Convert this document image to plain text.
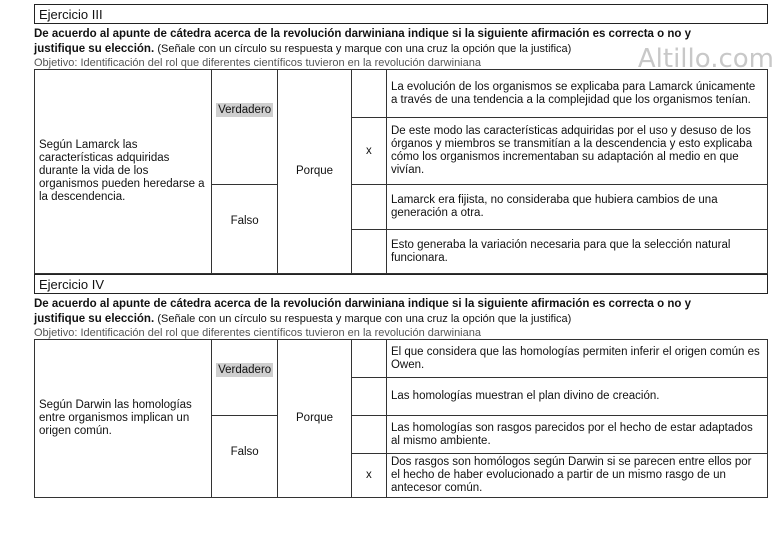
Altillo.com
Ejercicio III
De acuerdo al apunte de cátedra acerca de la revolución darwiniana indique si la siguiente afirmación es correcta o no y
justifique su elección. (Señale con un círculo su respuesta y marque con una cruz la opción que la justifica)
Objetivo: Identificación del rol que diferentes científicos tuvieron en la revolución darwiniana
Según Lamarck las características adquiridas durante la vida de los organismos pueden heredarse a la descendencia.	Verdadero	Porque		La evolución de los organismos se explicaba para Lamarck únicamente a través de una tendencia a la complejidad que los organismos tenían.
			x	De este modo las características adquiridas por el uso y desuso de los órganos y miembros se transmitían a la descendencia y esto explicaba cómo los organismos incrementaban su adaptación al medio en que vivían.
	Falso			Lamarck era fijista, no consideraba que hubiera cambios de una generación a otra.
				Esto generaba la variación necesaria para que la selección natural funcionara.
Ejercicio IV
De acuerdo al apunte de cátedra acerca de la revolución darwiniana indique si la siguiente afirmación es correcta o no y
justifique su elección. (Señale con un círculo su respuesta y marque con una cruz la opción que la justifica)
Objetivo: Identificación del rol que diferentes científicos tuvieron en la revolución darwiniana
Según Darwin las homologías entre organismos implican un origen común.	Verdadero	Porque		El que considera que las homologías permiten inferir el origen común es Owen.
				Las homologías muestran el plan divino de creación.
	Falso			Las homologías son rasgos parecidos por el hecho de estar adaptados al mismo ambiente.
			x	Dos rasgos son homólogos según Darwin si se parecen entre ellos por el hecho de haber evolucionado a partir de un mismo rasgo de un antecesor común.
